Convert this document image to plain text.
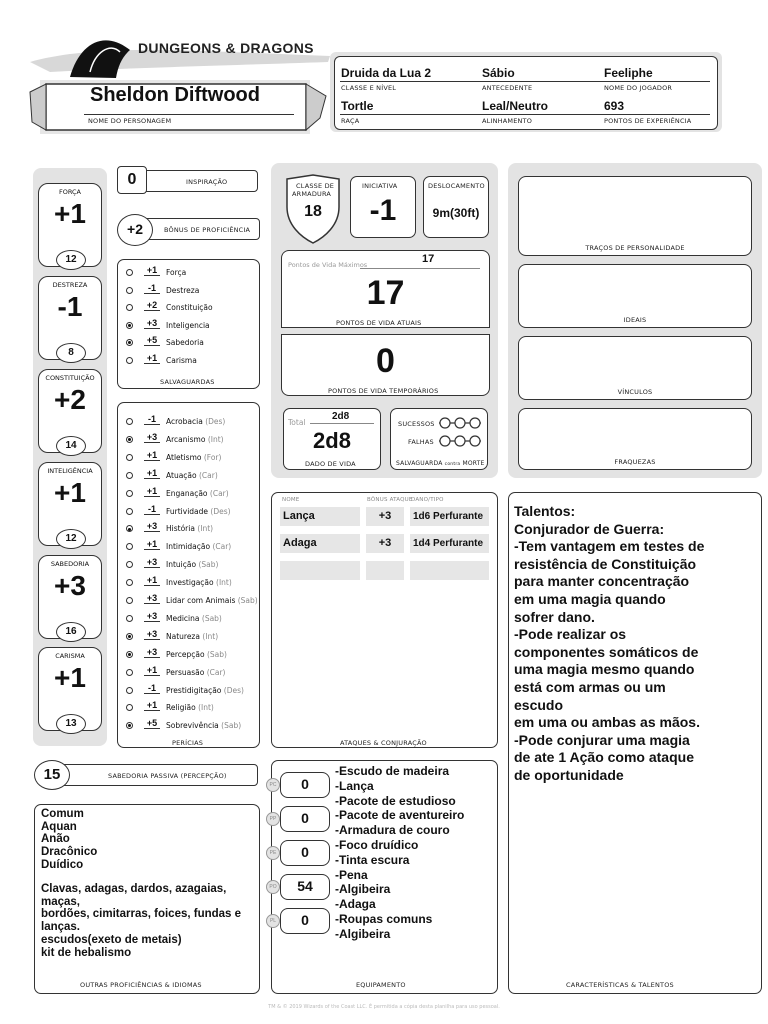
DUNGEONS & DRAGONS
Sheldon Diftwood
NOME DO PERSONAGEM
Druida da Lua 2
CLASSE E NÍVEL
Sábio
ANTECEDENTE
Feeliphe
NOME DO JOGADOR
Tortle
RAÇA
Leal/Neutro
ALINHAMENTO
693
PONTOS DE EXPERIÊNCIA
FORÇA
+1
12
DESTREZA
-1
8
CONSTITUIÇÃO
+2
14
INTELIGÊNCIA
+1
12
SABEDORIA
+3
16
CARISMA
+1
13
INSPIRAÇÃO
0
BÔNUS DE PROFICIÊNCIA
+2
+1	Força
-1	Destreza
+2	Constituição
+3	Inteligencia
+5	Sabedoria
+1	Carisma
SALVAGUARDAS
-1	Acrobacia (Des)
+3	Arcanismo (Int)
+1	Atletismo (For)
+1	Atuação (Car)
+1	Enganação (Car)
-1	Furtividade (Des)
+3	História (Int)
+1	Intimidação (Car)
+3	Intuição (Sab)
+1	Investigação (Int)
+3	Lidar com Animais (Sab)
+3	Medicina (Sab)
+3	Natureza (Int)
+3	Percepção (Sab)
+1	Persuasão (Car)
-1	Prestidigitação (Des)
+1	Religião (Int)
+5	Sobrevivência (Sab)
PERÍCIAS
CLASSE DE
ARMADURA
18
INICIATIVA
-1
DESLOCAMENTO
9m(30ft)
Pontos de Vida Máximos	17
17
PONTOS DE VIDA ATUAIS
0
PONTOS DE VIDA TEMPORÁRIOS
Total
2d8
2d8
DADO DE VIDA
SUCESSOS
FALHAS
SALVAGUARDA contra MORTE
TRAÇOS DE PERSONALIDADE
IDEAIS
VÍNCULOS
FRAQUEZAS
NOME	BÔNUS ATAQUE
DANO/TIPO
Lança	+3	1d6 Perfurante
Adaga	+3	1d4 Perfurante
ATAQUES & CONJURAÇÃO
Talentos:
Conjurador de Guerra:
-Tem vantagem em testes de
resistência de Constituição
para manter concentração
em uma magia quando
sofrer dano.
-Pode realizar os
componentes somáticos de
uma magia mesmo quando
está com armas ou um
escudo
em uma ou ambas as mãos.
-Pode conjurar uma magia
de ate 1 Ação como ataque
de oportunidade
CARACTERÍSTICAS & TALENTOS
SABEDORIA PASSIVA (PERCEPÇÃO)
15
Comum
Aquan
Anão
Dracônico
Duídico
Clavas, adagas, dardos, azagaias,
maças,
bordões, cimitarras, foices, fundas e
lanças.
escudos(exeto de metais)
kit de hebalismo
OUTRAS PROFICIÊNCIAS & IDIOMAS
PC	0
PP	0
PE	0
PO	54
PL	0
-Escudo de madeira
-Lança
-Pacote de estudioso
-Pacote de aventureiro
-Armadura de couro
-Foco druídico
-Tinta escura
-Pena
-Algibeira
-Adaga
-Roupas comuns
-Algibeira
EQUIPAMENTO
TM & © 2019 Wizards of the Coast LLC. É permitida a cópia desta planilha para uso pessoal.
